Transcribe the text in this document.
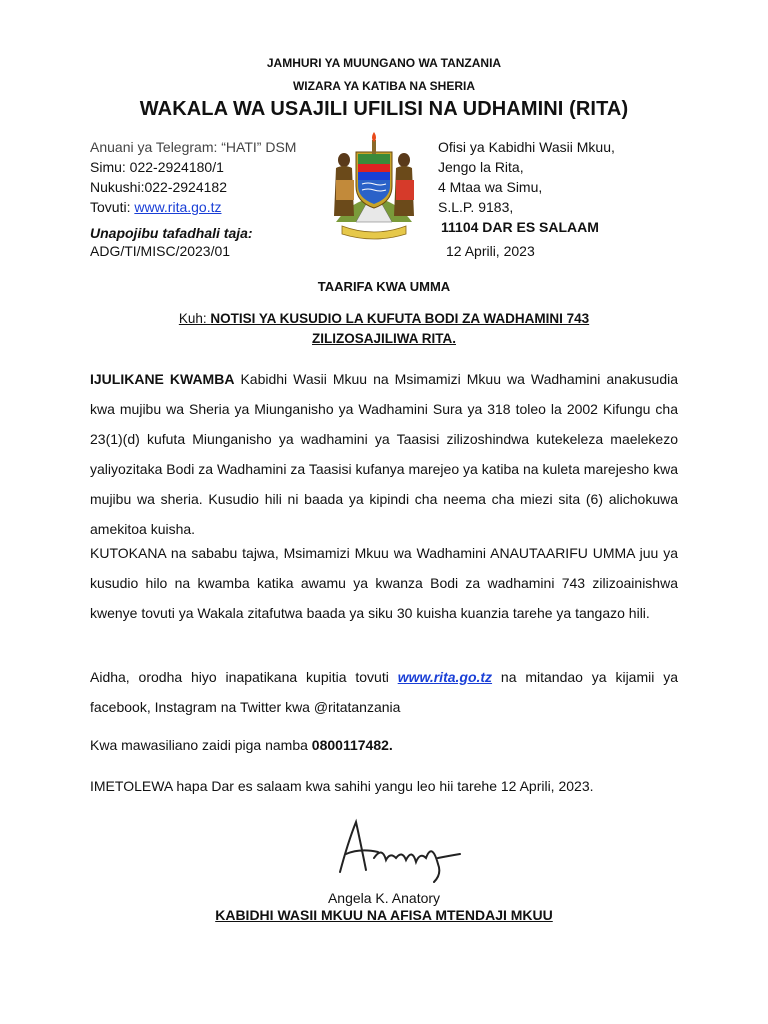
JAMHURI YA MUUNGANO WA TANZANIA
WIZARA YA KATIBA NA SHERIA
WAKALA WA USAJILI UFILISI NA UDHAMINI (RITA)
Anuani ya Telegram: “HATI” DSM
Simu: 022-2924180/1
Nukushi:022-2924182
Tovuti: www.rita.go.tz
Ofisi ya Kabidhi Wasii Mkuu,
Jengo la Rita,
4 Mtaa wa Simu,
S.L.P. 9183,
11104 DAR ES SALAAM
Unapojibu tafadhali taja:
ADG/TI/MISC/2023/01	12 Aprili, 2023
TAARIFA KWA UMMA
Kuh: NOTISI YA KUSUDIO LA KUFUTA BODI ZA WADHAMINI 743
ZILIZOSAJILIWA RITA.
IJULIKANE KWAMBA Kabidhi Wasii Mkuu na Msimamizi Mkuu wa Wadhamini anakusudia kwa mujibu wa Sheria ya Miunganisho ya Wadhamini Sura ya 318 toleo la 2002 Kifungu cha 23(1)(d) kufuta Miunganisho ya wadhamini ya Taasisi zilizoshindwa kutekeleza maelekezo yaliyozitaka Bodi za Wadhamini za Taasisi kufanya marejeo ya katiba na kuleta marejesho kwa mujibu wa sheria. Kusudio hili ni baada ya kipindi cha neema cha miezi sita (6) alichokuwa amekitoa kuisha.
KUTOKANA na sababu tajwa, Msimamizi Mkuu wa Wadhamini ANAUTAARIFU UMMA juu ya kusudio hilo na kwamba katika awamu ya kwanza Bodi za wadhamini 743 zilizoainishwa kwenye tovuti ya Wakala zitafutwa baada ya siku 30 kuisha kuanzia tarehe ya tangazo hili.
Aidha, orodha hiyo inapatikana kupitia tovuti www.rita.go.tz na mitandao ya kijamii ya facebook, Instagram na Twitter kwa @ritatanzania
Kwa mawasiliano zaidi piga namba 0800117482.
IMETOLEWA hapa Dar es salaam kwa sahihi yangu leo hii tarehe 12 Aprili, 2023.
Angela K. Anatory
KABIDHI WASII MKUU NA AFISA MTENDAJI MKUU
